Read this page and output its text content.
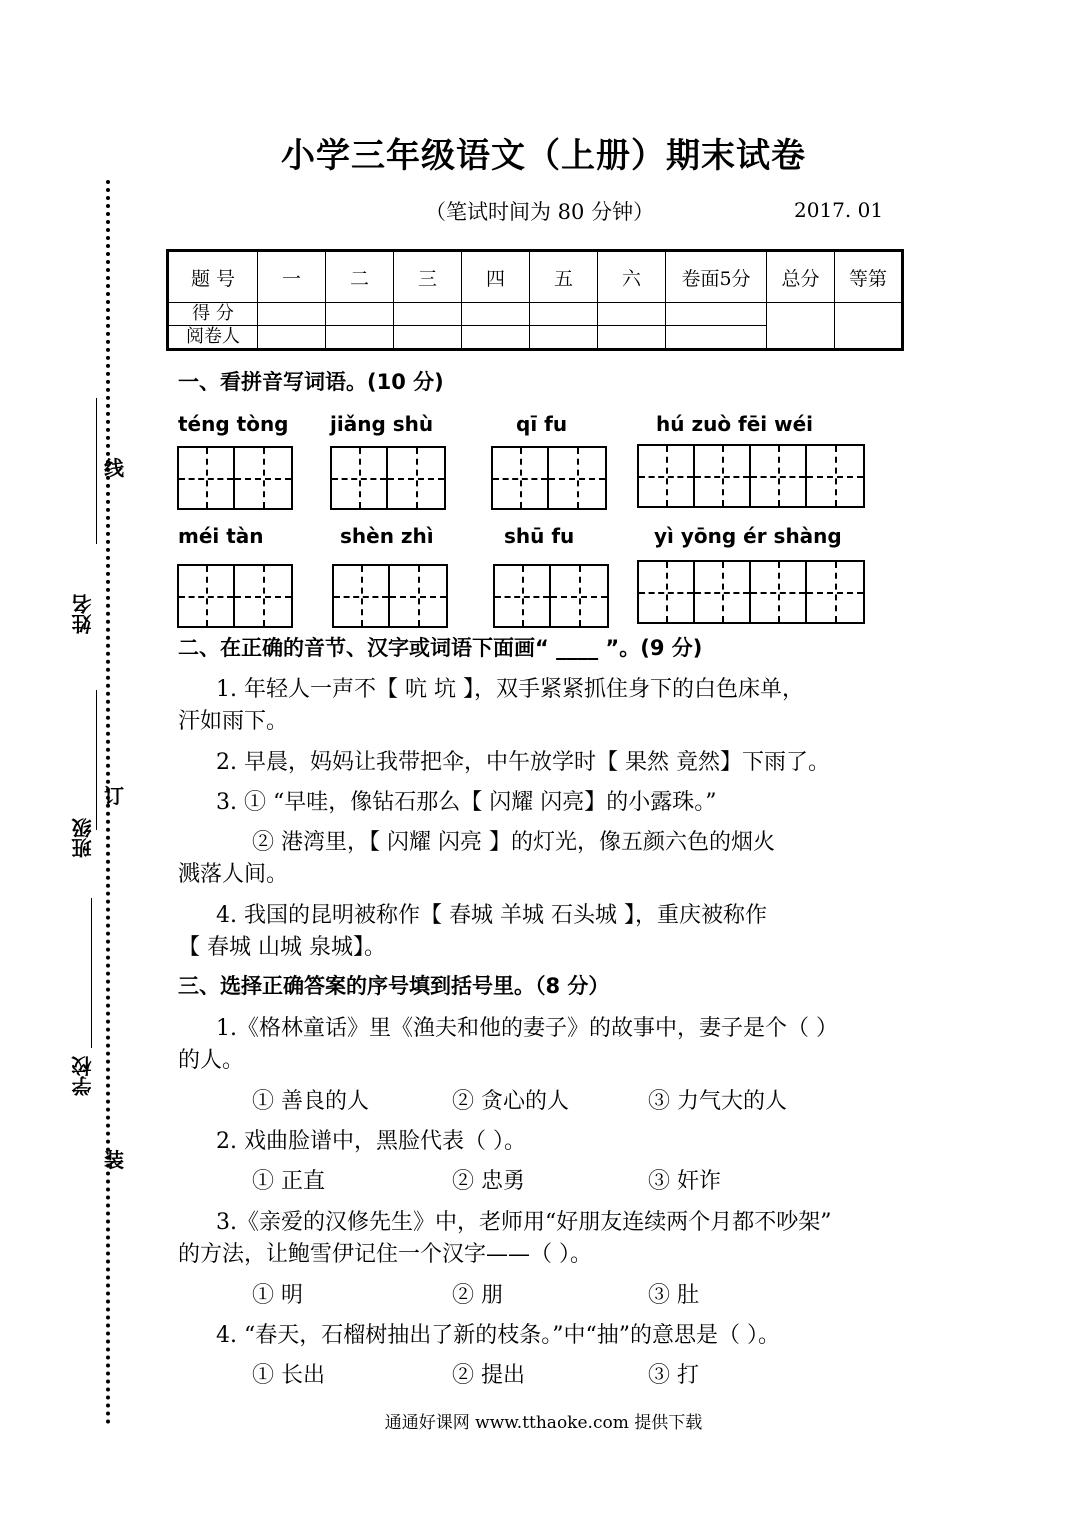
小学三年级语文（上册）期末试卷
（笔试时间为 80 分钟）	2017. 01
线
姓名
订
班级
学校
装
题 号	一	二	三	四	五	六	卷面5分	总分	等第
得 分									
阅卷人									
一、看拼音写词语。(10 分)
téng tòng jiǎng shù	qī fu	hú zuò fēi wéi
méi tàn	shèn zhì	shū fu	yì yōng ér shàng
二、在正确的音节、汉字或词语下面画“ ____ ”。(9 分)
1. 年轻人一声不【 吭 坑 】，双手紧紧抓住身下的白色床单，
汗如雨下。
2. 早晨，妈妈让我带把伞，中午放学时【 果然 竟然】下雨了。
3. ① “早哇，像钻石那么【 闪耀 闪亮】的小露珠。”
② 港湾里，【 闪耀 闪亮 】的灯光，像五颜六色的烟火
溅落人间。
4. 我国的昆明被称作【 春城 羊城 石头城 】，重庆被称作
【 春城 山城 泉城】。
三、选择正确答案的序号填到括号里。（8 分）
1.《格林童话》里《渔夫和他的妻子》的故事中，妻子是个（ ）
的人。
① 善良的人	② 贪心的人	③ 力气大的人
2. 戏曲脸谱中，黑脸代表（ ）。
① 正直	② 忠勇	③ 奸诈
3.《亲爱的汉修先生》中，老师用“好朋友连续两个月都不吵架”
的方法，让鲍雪伊记住一个汉字——（ ）。
① 明	② 朋	③ 肚
4. “春天，石榴树抽出了新的枝条。”中“抽”的意思是（ ）。
① 长出	② 提出	③ 打
通通好课网 www.tthaoke.com 提供下载
